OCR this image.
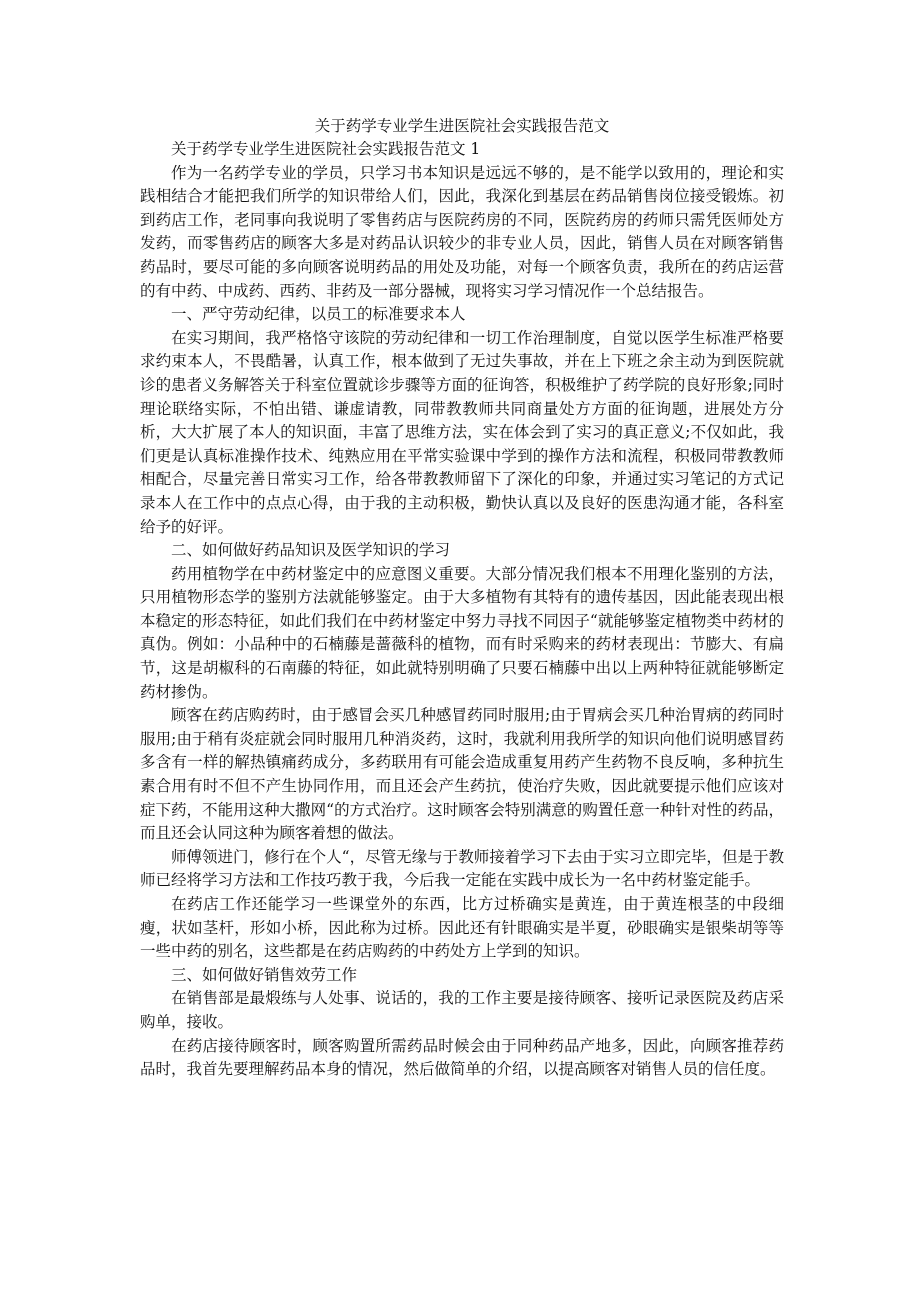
关于药学专业学生进医院社会实践报告范文

关于药学专业学生进医院社会实践报告范文 1

作为一名药学专业的学员，只学习书本知识是远远不够的，是不能学以致用的，理论和实践相结合才能把我们所学的知识带给人们，因此，我深化到基层在药品销售岗位接受锻炼。初到药店工作，老同事向我说明了零售药店与医院药房的不同，医院药房的药师只需凭医师处方发药，而零售药店的顾客大多是对药品认识较少的非专业人员，因此，销售人员在对顾客销售药品时，要尽可能的多向顾客说明药品的用处及功能，对每一个顾客负责，我所在的药店运营的有中药、中成药、西药、非药及一部分器械，现将实习学习情况作一个总结报告。

一、严守劳动纪律，以员工的标准要求本人

在实习期间，我严格恪守该院的劳动纪律和一切工作治理制度，自觉以医学生标准严格要求约束本人，不畏酷暑，认真工作，根本做到了无过失事故，并在上下班之余主动为到医院就诊的患者义务解答关于科室位置就诊步骤等方面的征询答，积极维护了药学院的良好形象;同时理论联络实际，不怕出错、谦虚请教，同带教教师共同商量处方方面的征询题，进展处方分析，大大扩展了本人的知识面，丰富了思维方法，实在体会到了实习的真正意义;不仅如此，我们更是认真标准操作技术、纯熟应用在平常实验课中学到的操作方法和流程，积极同带教教师相配合，尽量完善日常实习工作，给各带教教师留下了深化的印象，并通过实习笔记的方式记录本人在工作中的点点心得，由于我的主动积极，勤快认真以及良好的医患沟通才能，各科室给予的好评。

二、如何做好药品知识及医学知识的学习

药用植物学在中药材鉴定中的应意图义重要。大部分情况我们根本不用理化鉴别的方法，只用植物形态学的鉴别方法就能够鉴定。由于大多植物有其特有的遗传基因，因此能表现出根本稳定的形态特征，如此们我们在中药材鉴定中努力寻找不同因子“就能够鉴定植物类中药材的真伪。例如：小品种中的石楠藤是蔷薇科的植物，而有时采购来的药材表现出：节膨大、有扁节，这是胡椒科的石南藤的特征，如此就特别明确了只要石楠藤中出以上两种特征就能够断定药材掺伪。

顾客在药店购药时，由于感冒会买几种感冒药同时服用;由于胃病会买几种治胃病的药同时服用;由于稍有炎症就会同时服用几种消炎药，这时，我就利用我所学的知识向他们说明感冒药多含有一样的解热镇痛药成分，多药联用有可能会造成重复用药产生药物不良反响，多种抗生素合用有时不但不产生协同作用，而且还会产生药抗，使治疗失败，因此就要提示他们应该对症下药，不能用这种大撒网“的方式治疗。这时顾客会特别满意的购置任意一种针对性的药品，而且还会认同这种为顾客着想的做法。

师傅领进门，修行在个人“，尽管无缘与于教师接着学习下去由于实习立即完毕，但是于教师已经将学习方法和工作技巧教于我，今后我一定能在实践中成长为一名中药材鉴定能手。

在药店工作还能学习一些课堂外的东西，比方过桥确实是黄连，由于黄连根茎的中段细瘦，状如茎杆，形如小桥，因此称为过桥。因此还有针眼确实是半夏，砂眼确实是银柴胡等等一些中药的别名，这些都是在药店购药的中药处方上学到的知识。

三、如何做好销售效劳工作

在销售部是最煅练与人处事、说话的，我的工作主要是接待顾客、接听记录医院及药店采购单，接收。

在药店接待顾客时，顾客购置所需药品时候会由于同种药品产地多，因此，向顾客推荐药品时，我首先要理解药品本身的情况，然后做简单的介绍，以提高顾客对销售人员的信任度。
